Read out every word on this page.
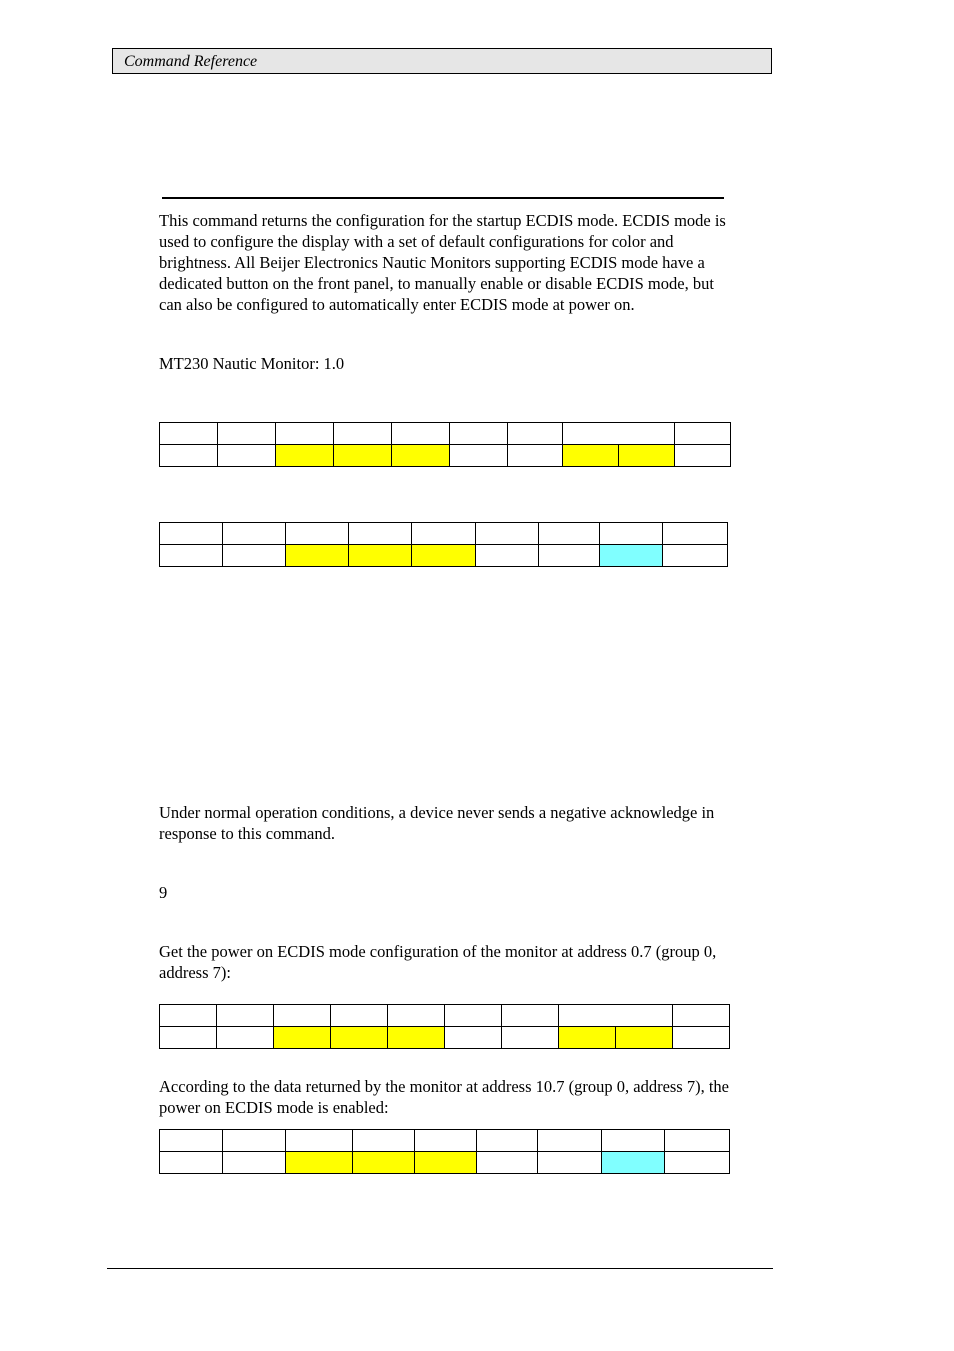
Command Reference

This command returns the configuration for the startup ECDIS mode. ECDIS mode is used to configure the display with a set of default configurations for color and brightness. All Beijer Electronics Nautic Monitors supporting ECDIS mode have a dedicated button on the front panel, to manually enable or disable ECDIS mode, but can also be configured to automatically enter ECDIS mode at power on.

MT230 Nautic Monitor: 1.0

Under normal operation conditions, a device never sends a negative acknowledge in response to this command.

9

Get the power on ECDIS mode configuration of the monitor at address 0.7 (group 0, address 7):

According to the data returned by the monitor at address 10.7 (group 0, address 7), the power on ECDIS mode is enabled:
